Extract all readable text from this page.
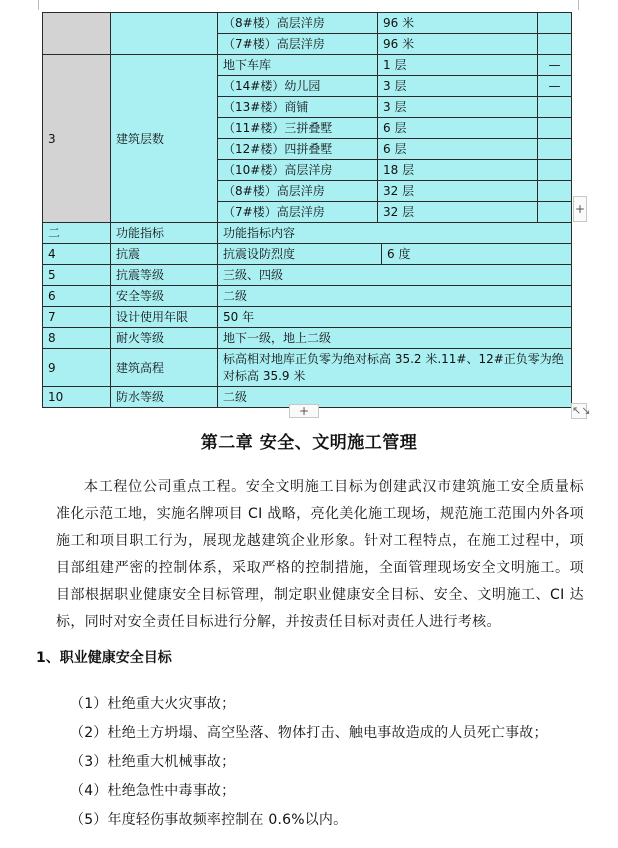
		（8#楼）高层洋房	96 米		
		（7#楼）高层洋房	96 米		
3	建筑层数	地下车库	1 层		—
		（14#楼）幼儿园	3 层		—
		（13#楼）商铺	3 层		
		（11#楼）三拼叠墅	6 层		
		（12#楼）四拼叠墅	6 层		
		（10#楼）高层洋房	18 层		
		（8#楼）高层洋房	32 层		
		（7#楼）高层洋房	32 层		
二	功能指标	功能指标内容			
4	抗震	抗震设防烈度		6 度	
5	抗震等级	三级、四级			
6	安全等级	二级			
7	设计使用年限	50 年			
8	耐火等级	地下一级，地上二级			
9	建筑高程	标高相对地库正负零为绝对标高 35.2 米.11#、12#正负零为绝对标高 35.9 米			
10	防水等级	二级			
+
+	↖↘
第二章 安全、文明施工管理

本工程位公司重点工程。安全文明施工目标为创建武汉市建筑施工安全质量标准化示范工地，实施名牌项目 CI 战略，亮化美化施工现场，规范施工范围内外各项施工和项目职工行为，展现龙越建筑企业形象。针对工程特点，在施工过程中，项目部组建严密的控制体系，采取严格的控制措施，全面管理现场安全文明施工。项目部根据职业健康安全目标管理，制定职业健康安全目标、安全、文明施工、CI 达标，同时对安全责任目标进行分解，并按责任目标对责任人进行考核。

1、职业健康安全目标
（1）杜绝重大火灾事故；
（2）杜绝土方坍塌、高空坠落、物体打击、触电事故造成的人员死亡事故；
（3）杜绝重大机械事故；
（4）杜绝急性中毒事故；
（5）年度轻伤事故频率控制在 0.6%以内。
